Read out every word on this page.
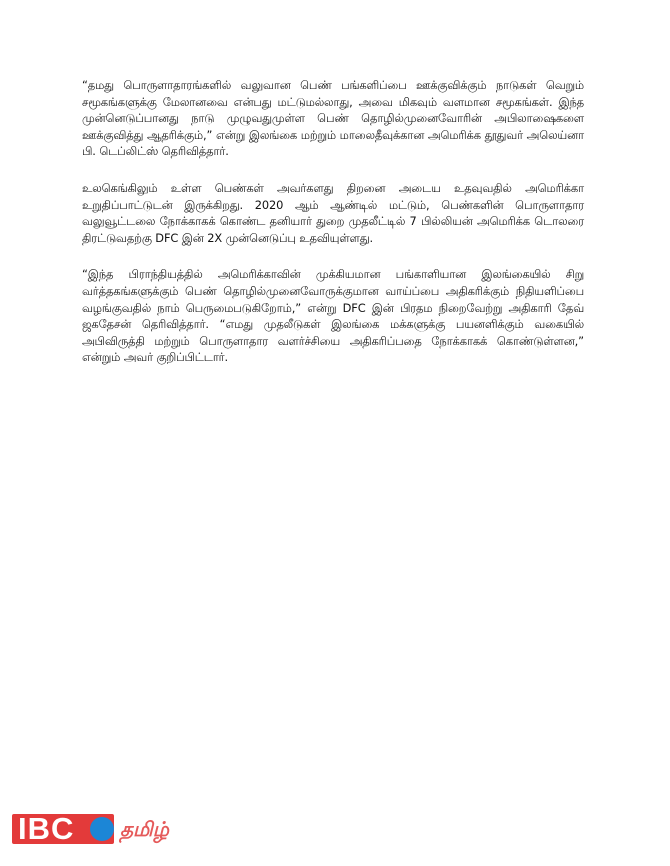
“தமது பொருளாதாரங்களில் வலுவான பெண் பங்களிப்பை ஊக்குவிக்கும் நாடுகள் வெறும் சமூகங்களுக்கு மேலானவை என்பது மட்டுமல்லாது, அவை மிகவும் வளமான சமூகங்கள். இந்த முன்னெடுப்பானது நாடு முழுவதுமுள்ள பெண் தொழில்முனைவோரின் அபிலாஷைகளை ஊக்குவித்து ஆதரிக்கும்,” என்று இலங்கை மற்றும் மாலைதீவுக்கான அமெரிக்க தூதுவர் அலெய்னா பி. டெப்லிட்ஸ் தெரிவித்தார்.

உலகெங்கிலும் உள்ள பெண்கள் அவர்களது திறனை அடைய உதவுவதில் அமெரிக்கா உறுதிப்பாட்டுடன் இருக்கிறது. 2020 ஆம் ஆண்டில் மட்டும், பெண்களின் பொருளாதார வலுவூட்டலை நோக்காகக் கொண்ட தனியார் துறை முதலீட்டில் 7 பில்லியன் அமெரிக்க டொலரை திரட்டுவதற்கு DFC இன் 2X முன்னெடுப்பு உதவியுள்ளது.

“இந்த பிராந்தியத்தில் அமெரிக்காவின் முக்கியமான பங்காளியான இலங்கையில் சிறு வர்த்தகங்களுக்கும் பெண் தொழில்முனைவோருக்குமான வாய்ப்பை அதிகரிக்கும் நிதியளிப்பை வழங்குவதில் நாம் பெருமைபடுகிறோம்,” என்று DFC இன் பிரதம நிறைவேற்று அதிகாரி தேவ் ஜகதேசன் தெரிவித்தார். “எமது முதலீடுகள் இலங்கை மக்களுக்கு பயனளிக்கும் வகையில் அபிவிருத்தி மற்றும் பொருளாதார வளர்ச்சியை அதிகரிப்பதை நோக்காகக் கொண்டுள்ளன,” என்றும் அவர் குறிப்பிட்டார்.

IBC தமிழ்
